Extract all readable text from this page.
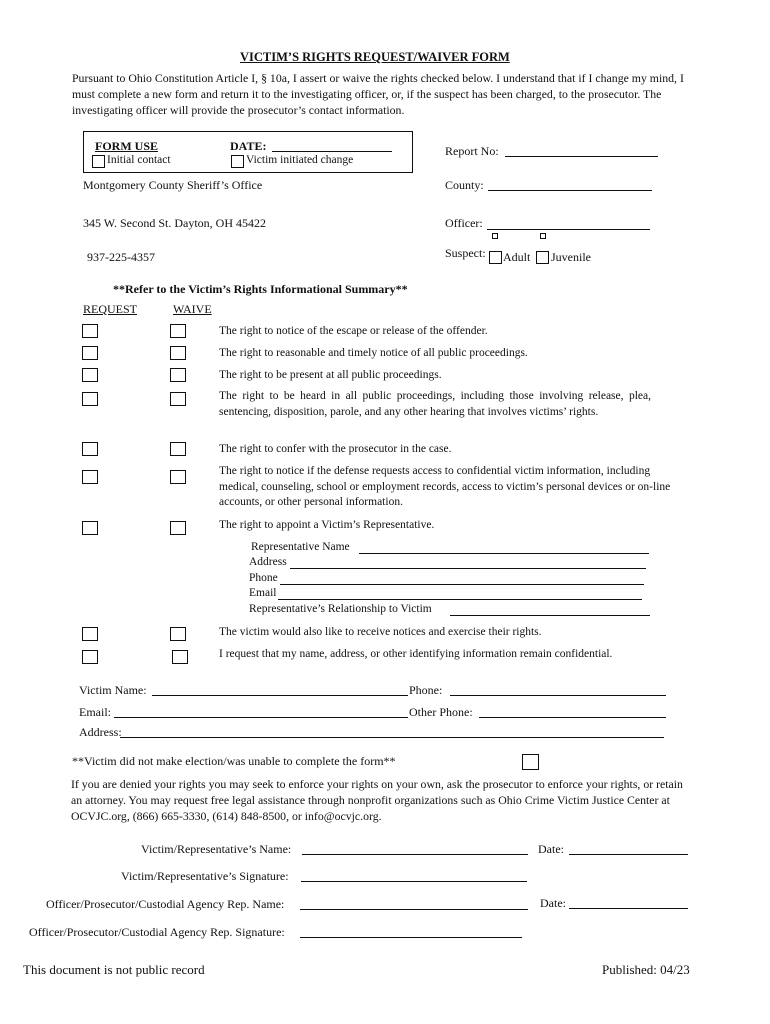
VICTIM’S RIGHTS REQUEST/WAIVER FORM
Pursuant to Ohio Constitution Article I, § 10a, I assert or waive the rights checked below. I understand that if I change my mind, I must complete a new form and return it to the investigating officer, or, if the suspect has been charged, to the prosecutor. The investigating officer will provide the prosecutor’s contact information.
FORM USE	DATE:
Initial contact	Victim initiated change
Montgomery County Sheriff’s Office
345 W. Second St. Dayton, OH 45422
937-225-4357
Report No:
County:
Officer:
Suspect: Adult Juvenile
**Refer to the Victim’s Rights Informational Summary**
REQUEST	WAIVE
The right to notice of the escape or release of the offender.
The right to reasonable and timely notice of all public proceedings.
The right to be present at all public proceedings.
The right to be heard in all public proceedings, including those involving release, plea, sentencing, disposition, parole, and any other hearing that involves victims’ rights.
The right to confer with the prosecutor in the case.
The right to notice if the defense requests access to confidential victim information, including medical, counseling, school or employment records, access to victim’s personal devices or on-line accounts, or other personal information.
The right to appoint a Victim’s Representative.
Representative Name
Address
Phone
Email
Representative’s Relationship to Victim
The victim would also like to receive notices and exercise their rights.
I request that my name, address, or other identifying information remain confidential.
Victim Name:	Phone:
Email:	Other Phone:
Address:
**Victim did not make election/was unable to complete the form**
If you are denied your rights you may seek to enforce your rights on your own, ask the prosecutor to enforce your rights, or retain an attorney. You may request free legal assistance through nonprofit organizations such as Ohio Crime Victim Justice Center at OCVJC.org, (866) 665-3330, (614) 848-8500, or info@ocvjc.org.
Victim/Representative’s Name:	Date:
Victim/Representative’s Signature:
Officer/Prosecutor/Custodial Agency Rep. Name:	Date:
Officer/Prosecutor/Custodial Agency Rep. Signature:
This document is not public record	Published: 04/23
